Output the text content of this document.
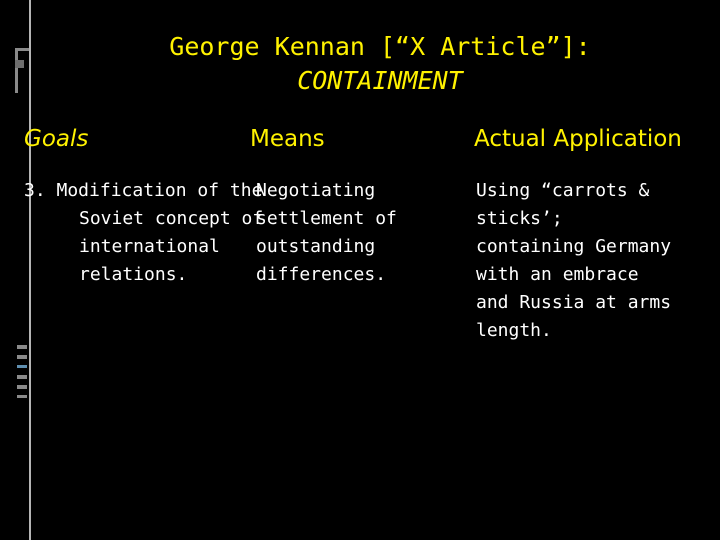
George Kennan [“X Article”]:
CONTAINMENT
Goals	Means	Actual Application
3. Modification of the Soviet concept of international relations.
Negotiating settlement of outstanding differences.
Using “carrots & sticks’; containing Germany with an embrace and Russia at arms length.
